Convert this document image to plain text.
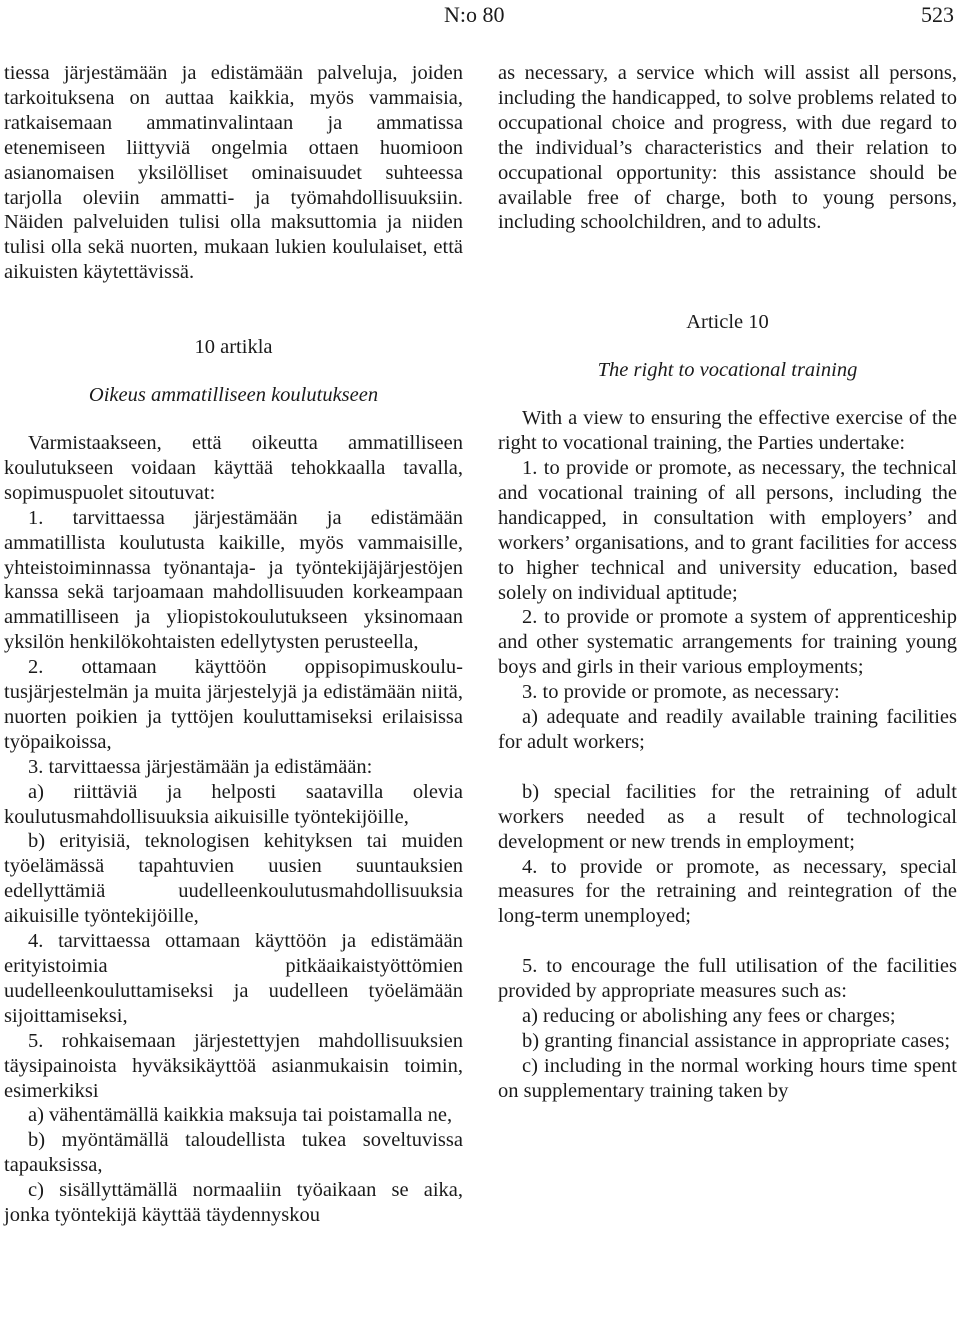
N:o 80	523

tiessa järjestämään ja edistämään palveluja, joiden tarkoituksena on auttaa kaikkia, myös vammaisia, ratkaisemaan ammatinvalintaan ja ammatissa etenemiseen liittyviä ongelmia ottaen huomioon asianomaisen yksilölliset ominaisuudet suhteessa tarjolla oleviin ammatti- ja työmahdollisuuksiin. Näiden palveluiden tulisi olla maksuttomia ja niiden tulisi olla sekä nuorten, mukaan lukien koululaiset, että aikuisten käytettävissä.

10 artikla

Oikeus ammatilliseen koulutukseen

Varmistaakseen, että oikeutta ammatilliseen koulutukseen voidaan käyttää tehokkaalla tavalla, sopimuspuolet sitoutuvat:

1. tarvittaessa järjestämään ja edistämään ammatillista koulutusta kaikille, myös vammaisille, yhteistoiminnassa työnantaja- ja työntekijäjärjestöjen kanssa sekä tarjoamaan mahdollisuuden korkeampaan ammatilliseen ja yliopistokoulutukseen yksinomaan yksilön henkilökohtaisten edellytysten perusteella,

2. ottamaan käyttöön oppisopimuskoulutusjärjestelmän ja muita järjestelyjä ja edistämään niitä, nuorten poikien ja tyttöjen kouluttamiseksi erilaisissa työpaikoissa,

3. tarvittaessa järjestämään ja edistämään:

a) riittäviä ja helposti saatavilla olevia koulutusmahdollisuuksia aikuisille työntekijöille,

b) erityisiä, teknologisen kehityksen tai muiden työelämässä tapahtuvien uusien suuntauksien edellyttämiä uudelleenkoulutusmahdollisuuksia aikuisille työntekijöille,

4. tarvittaessa ottamaan käyttöön ja edistämään erityistoimia pitkäaikaistyöttömien uudelleenkouluttamiseksi ja uudelleen työelämään sijoittamiseksi,

5. rohkaisemaan järjestettyjen mahdollisuuksien täysipainoista hyväksikäyttöä asianmukaisin toimin, esimerkiksi

a) vähentämällä kaikkia maksuja tai poistamalla ne,

b) myöntämällä taloudellista tukea soveltuvissa tapauksissa,

c) sisällyttämällä normaaliin työaikaan se aika, jonka työntekijä käyttää täydennyskou

as necessary, a service which will assist all persons, including the handicapped, to solve problems related to occupational choice and progress, with due regard to the individual’s characteristics and their relation to occupational opportunity: this assistance should be available free of charge, both to young persons, including schoolchildren, and to adults.

Article 10

The right to vocational training

With a view to ensuring the effective exercise of the right to vocational training, the Parties undertake:

1. to provide or promote, as necessary, the technical and vocational training of all persons, including the handicapped, in consultation with employers’ and workers’ organisations, and to grant facilities for access to higher technical and university education, based solely on individual aptitude;

2. to provide or promote a system of apprenticeship and other systematic arrangements for training young boys and girls in their various employments;

3. to provide or promote, as necessary:

a) adequate and readily available training facilities for adult workers;

b) special facilities for the retraining of adult workers needed as a result of technological development or new trends in employment;

4. to provide or promote, as necessary, special measures for the retraining and reintegration of the long-term unemployed;

5. to encourage the full utilisation of the facilities provided by appropriate measures such as:

a) reducing or abolishing any fees or charges;

b) granting financial assistance in appropriate cases;

c) including in the normal working hours time spent on supplementary training taken by
